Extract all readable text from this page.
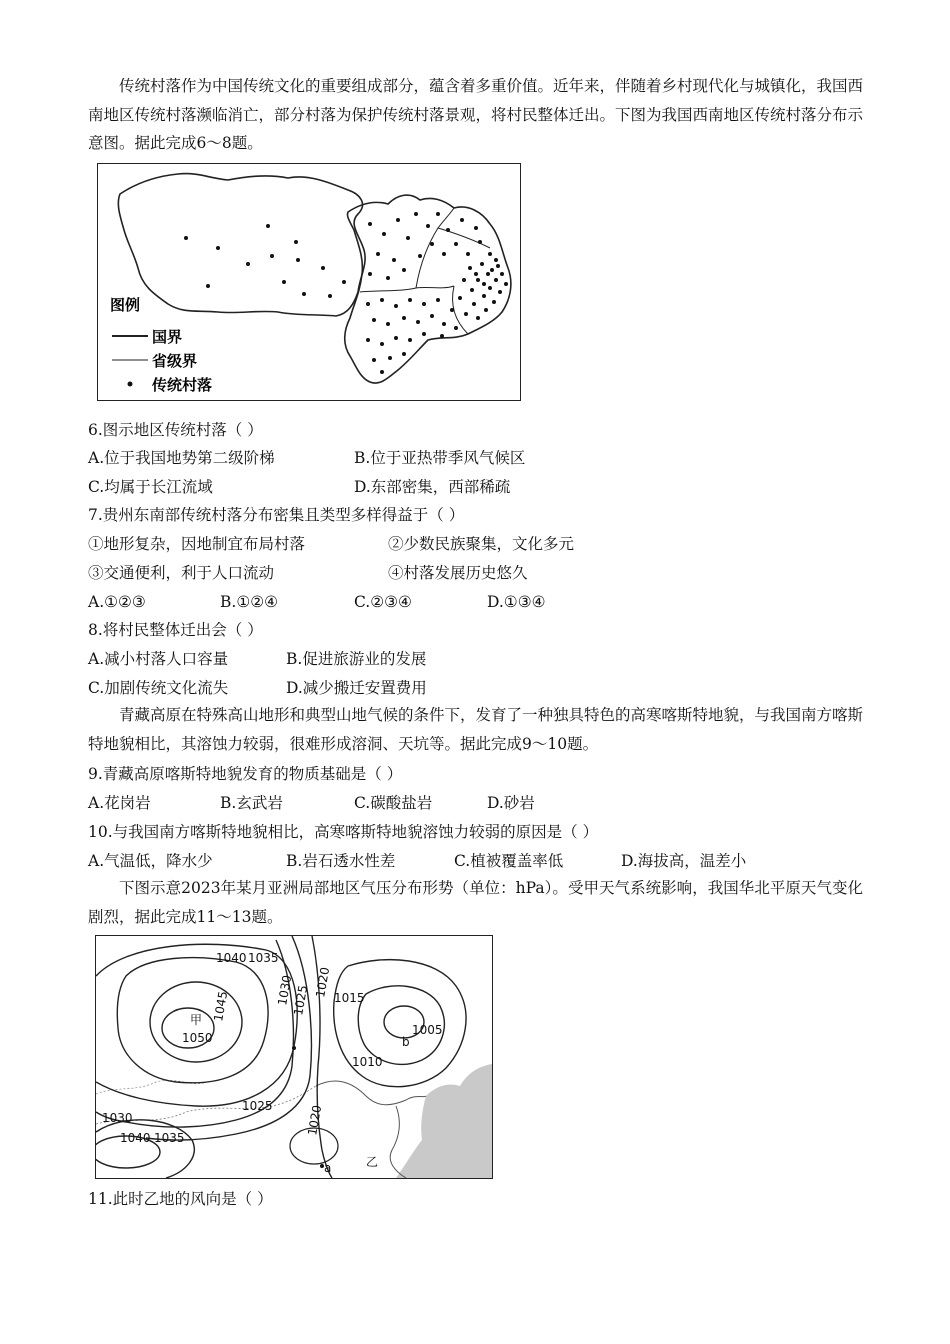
传统村落作为中国传统文化的重要组成部分，蕴含着多重价值。近年来，伴随着乡村现代化与城镇化，我国西南地区传统村落濒临消亡，部分村落为保护传统村落景观，将村民整体迁出。下图为我国西南地区传统村落分布示意图。据此完成6～8题。
图例
国界
省级界
传统村落
6.图示地区传统村落（ ）
A.位于我国地势第二级阶梯	B.位于亚热带季风气候区
C.均属于长江流域	D.东部密集，西部稀疏
7.贵州东南部传统村落分布密集且类型多样得益于（ ）
①地形复杂，因地制宜布局村落	②少数民族聚集，文化多元
③交通便利，利于人口流动	④村落发展历史悠久
A.①②③	B.①②④	C.②③④	D.①③④
8.将村民整体迁出会（ ）
A.减小村落人口容量	B.促进旅游业的发展
C.加剧传统文化流失	D.减少搬迁安置费用
青藏高原在特殊高山地形和典型山地气候的条件下，发育了一种独具特色的高寒喀斯特地貌，与我国南方喀斯特地貌相比，其溶蚀力较弱，很难形成溶洞、天坑等。据此完成9～10题。
9.青藏高原喀斯特地貌发育的物质基础是（ ）
A.花岗岩	B.玄武岩	C.碳酸盐岩	D.砂岩
10.与我国南方喀斯特地貌相比，高寒喀斯特地貌溶蚀力较弱的原因是（ ）
A.气温低，降水少	B.岩石透水性差	C.植被覆盖率低	D.海拔高，温差小
下图示意2023年某月亚洲局部地区气压分布形势（单位：hPa）。受甲天气系统影响，我国华北平原天气变化剧烈，据此完成11～13题。
1040 1035
1045
1050
甲
1030
1025
1020 1015
1005
1010
b
1025
1030
1040 1035
1020
a	乙
11.此时乙地的风向是（ ）
